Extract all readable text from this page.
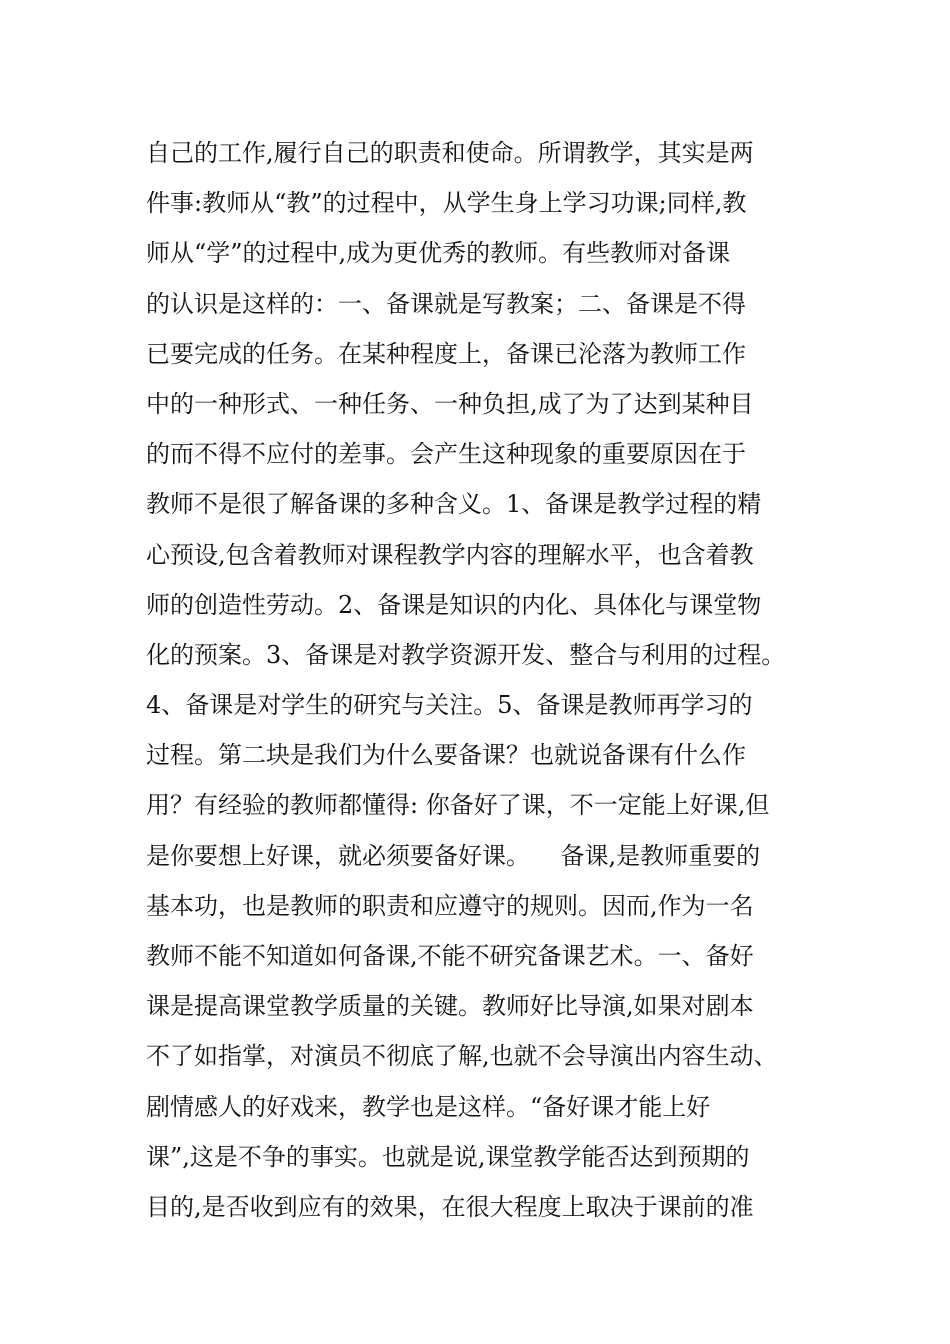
自己的工作,履行自己的职责和使命。所谓教学，其实是两
件事:教师从“教”的过程中，从学生身上学习功课;同样,教
师从“学”的过程中,成为更优秀的教师。有些教师对备课
的认识是这样的：一、备课就是写教案；二、备课是不得
已要完成的任务。在某种程度上，备课已沦落为教师工作
中的一种形式、一种任务、一种负担,成了为了达到某种目
的而不得不应付的差事。会产生这种现象的重要原因在于
教师不是很了解备课的多种含义。1、备课是教学过程的精
心预设,包含着教师对课程教学内容的理解水平，也含着教
师的创造性劳动。2、备课是知识的内化、具体化与课堂物
化的预案。3、备课是对教学资源开发、整合与利用的过程。
4、备课是对学生的研究与关注。5、备课是教师再学习的
过程。第二块是我们为什么要备课？也就说备课有什么作
用？有经验的教师都懂得: 你备好了课，不一定能上好课,但
是你要想上好课，就必须要备好课。    备课,是教师重要的
基本功，也是教师的职责和应遵守的规则。因而,作为一名
教师不能不知道如何备课,不能不研究备课艺术。一、备好
课是提高课堂教学质量的关键。教师好比导演,如果对剧本
不了如指掌，对演员不彻底了解,也就不会导演出内容生动、
剧情感人的好戏来，教学也是这样。“备好课才能上好
课”,这是不争的事实。也就是说,课堂教学能否达到预期的
目的,是否收到应有的效果，在很大程度上取决于课前的准
